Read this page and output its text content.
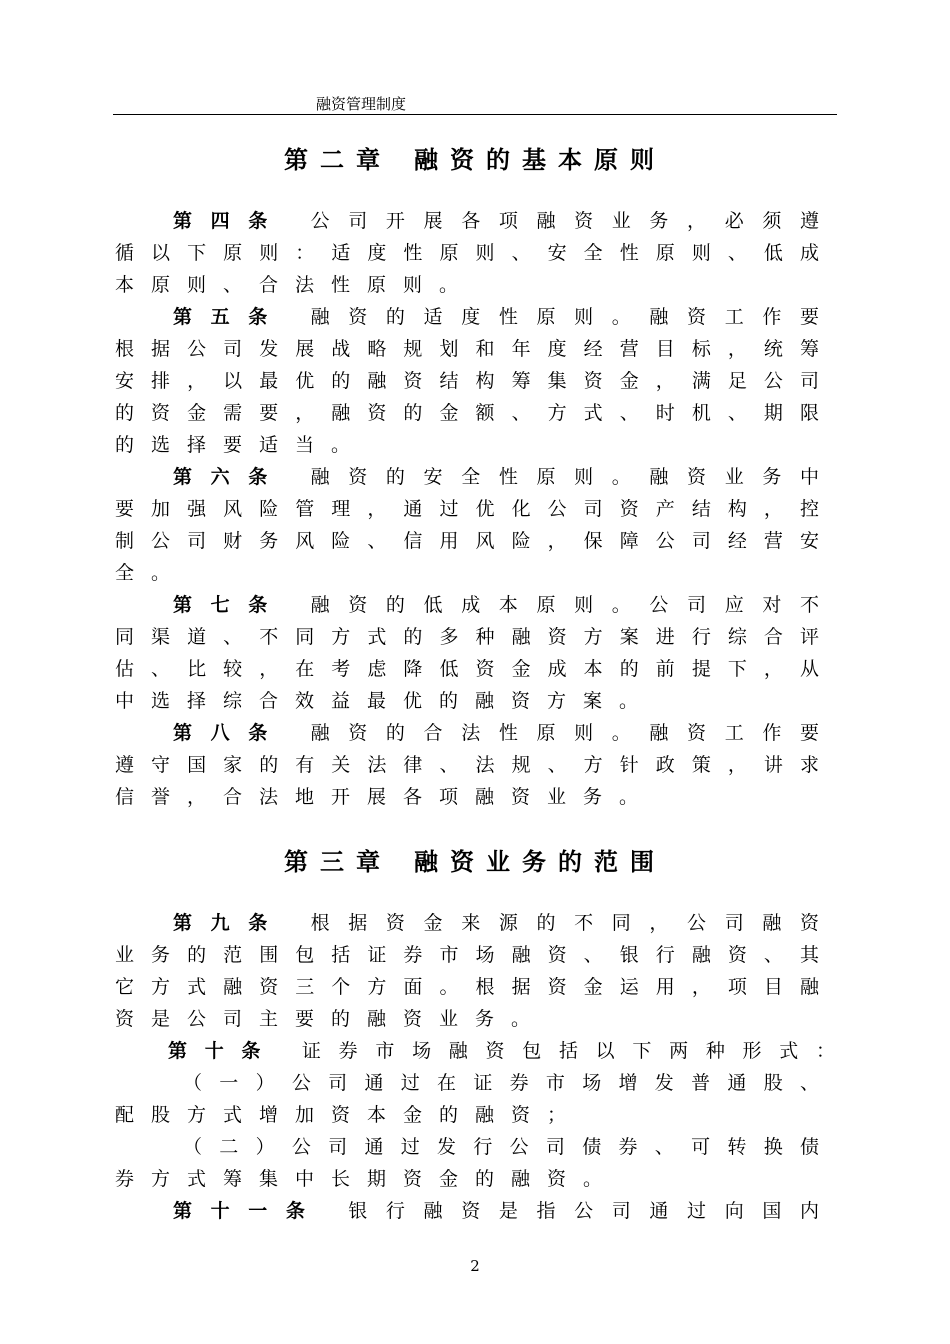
融资管理制度
第二章 融资的基本原则
第四条 公司开展各项融资业务，必须遵
循以下原则：适度性原则、安全性原则、低成
本原则、合法性原则。
第五条 融资的适度性原则。融资工作要
根据公司发展战略规划和年度经营目标，统筹
安排，以最优的融资结构筹集资金，满足公司
的资金需要，融资的金额、方式、时机、期限
的选择要适当。
第六条 融资的安全性原则。融资业务中
要加强风险管理，通过优化公司资产结构，控
制公司财务风险、信用风险，保障公司经营安
全。
第七条 融资的低成本原则。公司应对不
同渠道、不同方式的多种融资方案进行综合评
估、比较，在考虑降低资金成本的前提下，从
中选择综合效益最优的融资方案。
第八条 融资的合法性原则。融资工作要
遵守国家的有关法律、法规、方针政策，讲求
信誉，合法地开展各项融资业务。
第三章 融资业务的范围
第九条 根据资金来源的不同，公司融资
业务的范围包括证券市场融资、银行融资、其
它方式融资三个方面。根据资金运用，项目融
资是公司主要的融资业务。
第十条 证券市场融资包括以下两种形式：
（一）公司通过在证券市场增发普通股、
配股方式增加资本金的融资；
（二）公司通过发行公司债券、可转换债
券方式筹集中长期资金的融资。
第十一条 银行融资是指公司通过向国内
2
